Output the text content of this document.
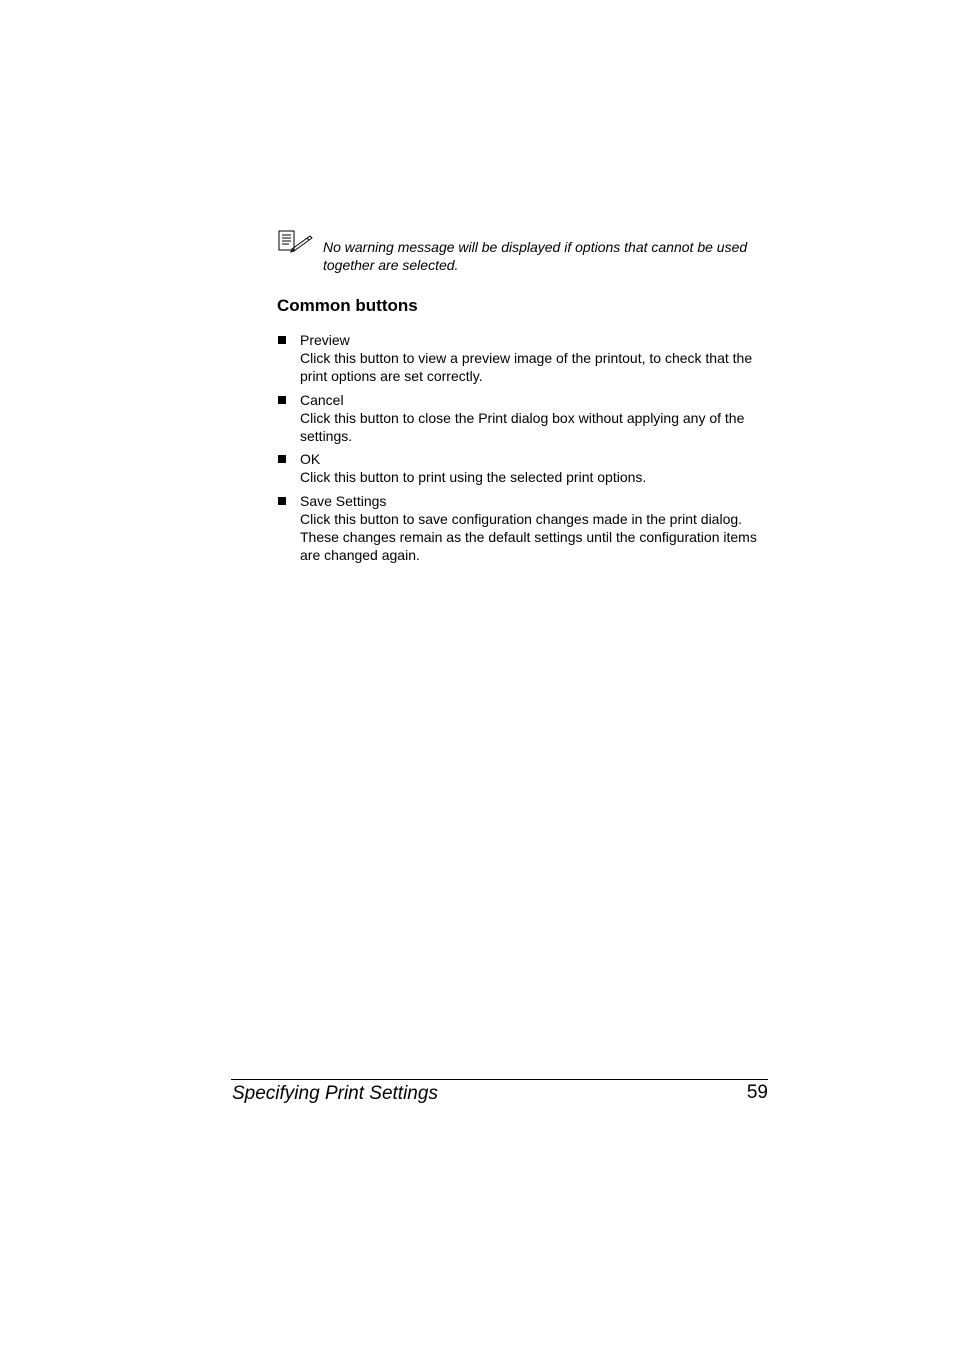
No warning message will be displayed if options that cannot be used together are selected.
Common buttons
Preview
Click this button to view a preview image of the printout, to check that the print options are set correctly.
Cancel
Click this button to close the Print dialog box without applying any of the settings.
OK
Click this button to print using the selected print options.
Save Settings
Click this button to save configuration changes made in the print dialog. These changes remain as the default settings until the configuration items are changed again.
Specifying Print Settings	59
